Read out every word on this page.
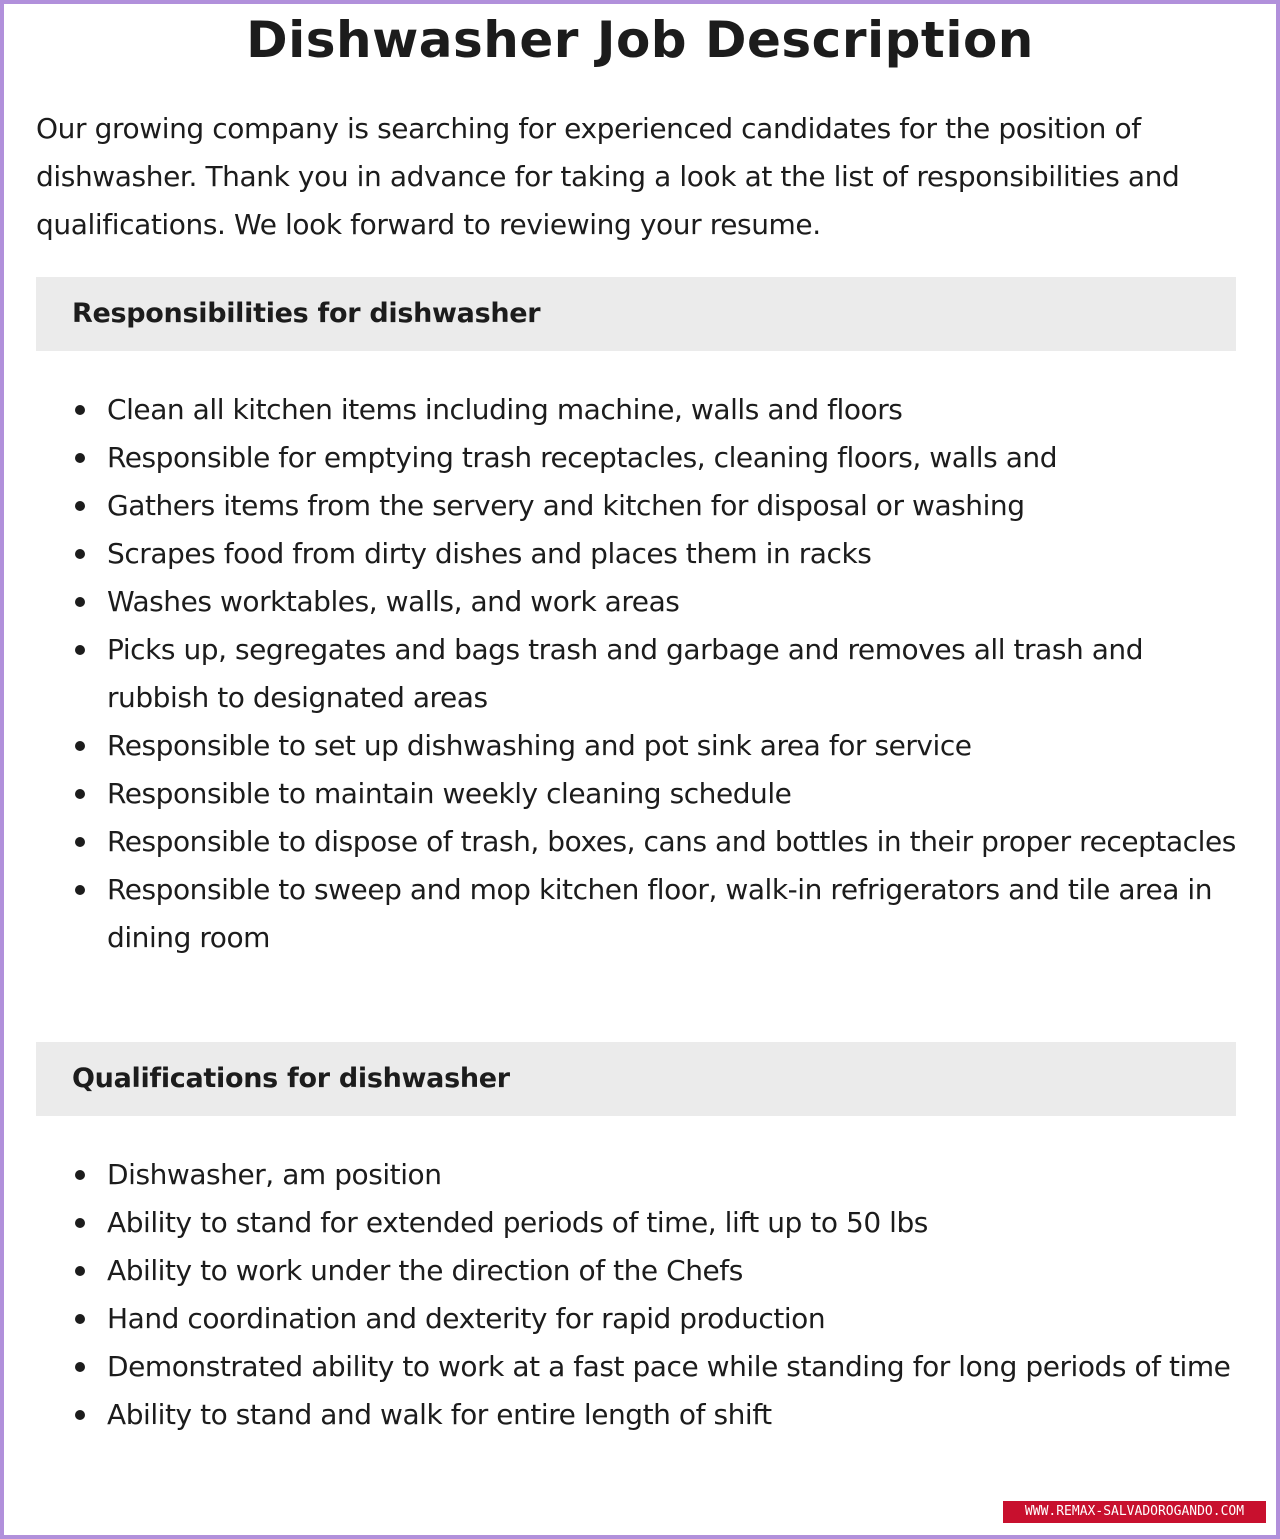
Dishwasher Job Description

Our growing company is searching for experienced candidates for the position of dishwasher. Thank you in advance for taking a look at the list of responsibilities and qualifications. We look forward to reviewing your resume.

Responsibilities for dishwasher
Clean all kitchen items including machine, walls and floors
Responsible for emptying trash receptacles, cleaning floors, walls and
Gathers items from the servery and kitchen for disposal or washing
Scrapes food from dirty dishes and places them in racks
Washes worktables, walls, and work areas
Picks up, segregates and bags trash and garbage and removes all trash and rubbish to designated areas
Responsible to set up dishwashing and pot sink area for service
Responsible to maintain weekly cleaning schedule
Responsible to dispose of trash, boxes, cans and bottles in their proper receptacles
Responsible to sweep and mop kitchen floor, walk-in refrigerators and tile area in dining room
Qualifications for dishwasher
Dishwasher, am position
Ability to stand for extended periods of time, lift up to 50 lbs
Ability to work under the direction of the Chefs
Hand coordination and dexterity for rapid production
Demonstrated ability to work at a fast pace while standing for long periods of time
Ability to stand and walk for entire length of shift
WWW.REMAX-SALVADOROGANDO.COM
